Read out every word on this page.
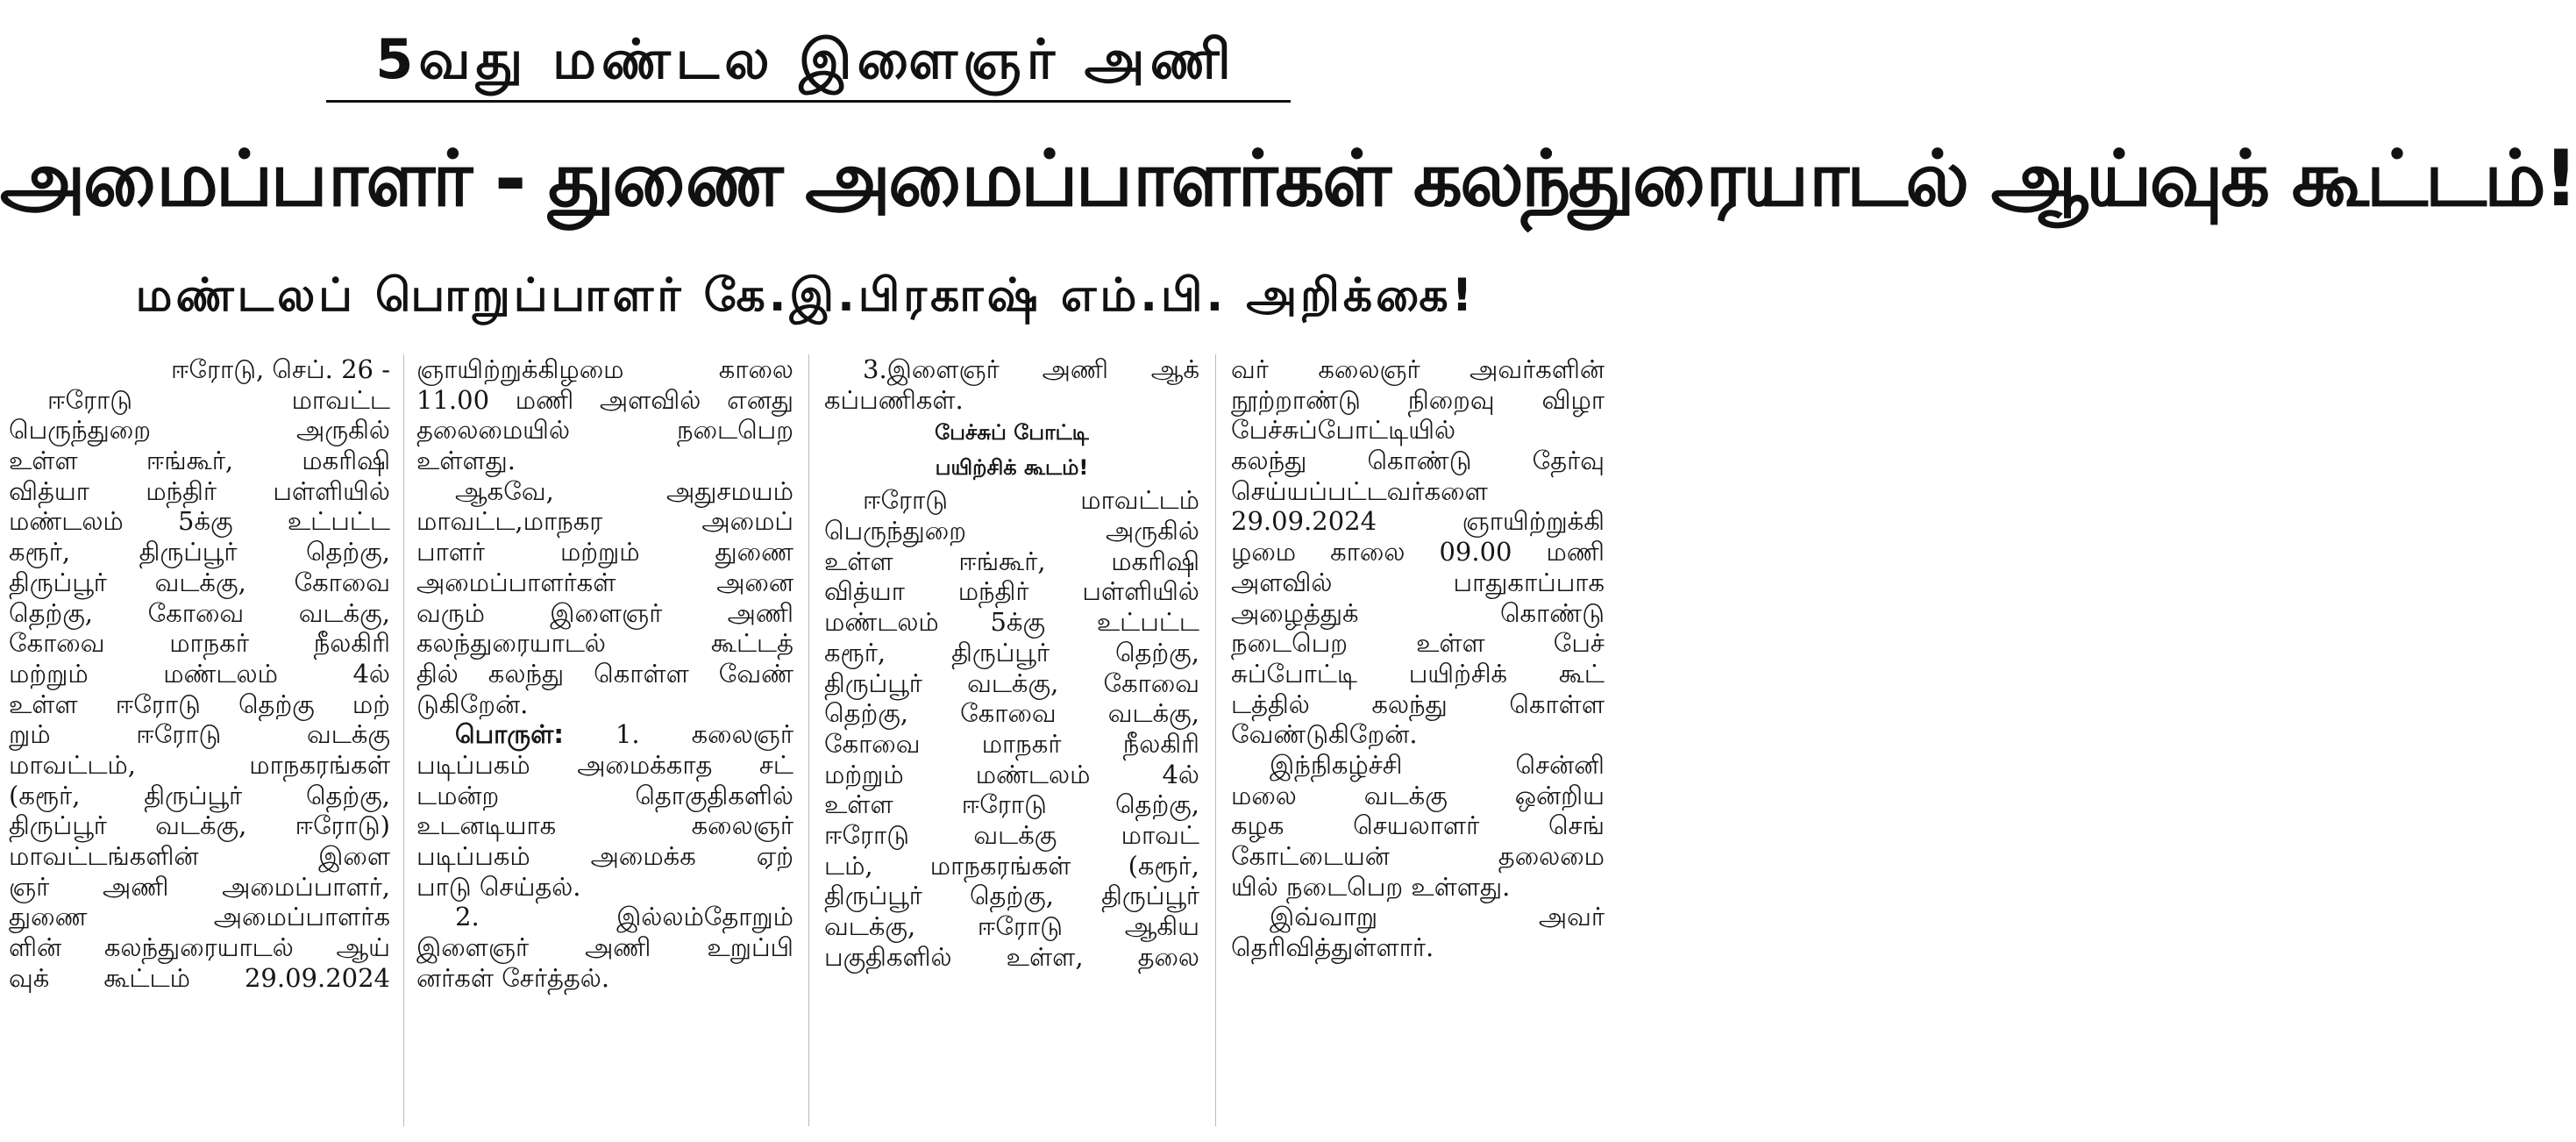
5வது மண்டல இளைஞர் அணி
அமைப்பாளர் - துணை அமைப்பாளர்கள் கலந்துரையாடல் ஆய்வுக் கூட்டம்!
மண்டலப் பொறுப்பாளர் கே.இ.பிரகாஷ் எம்.பி. அறிக்கை!
ஈரோடு, செப். 26 -
ஈரோடு மாவட்ட
பெருந்துறை அருகில்
உள்ள ஈங்கூர், மகரிஷி
வித்யா மந்திர் பள்ளியில்
மண்டலம் 5க்கு உட்பட்ட
கரூர், திருப்பூர் தெற்கு,
திருப்பூர் வடக்கு, கோவை
தெற்கு, கோவை வடக்கு,
கோவை மாநகர் நீலகிரி
மற்றும் மண்டலம் 4ல்
உள்ள ஈரோடு தெற்கு மற்
றும் ஈரோடு வடக்கு
மாவட்டம், மாநகரங்கள்
(கரூர், திருப்பூர் தெற்கு,
திருப்பூர் வடக்கு, ஈரோடு)
மாவட்டங்களின் இளை
ஞர் அணி அமைப்பாளர்,
துணை அமைப்பாளர்க
ளின் கலந்துரையாடல் ஆய்
வுக் கூட்டம் 29.09.2024
ஞாயிற்றுக்கிழமை காலை
11.00 மணி அளவில் எனது
தலைமையில் நடைபெற
உள்ளது.
ஆகவே, அதுசமயம்
மாவட்ட,மாநகர அமைப்
பாளர் மற்றும் துணை
அமைப்பாளர்கள் அனை
வரும் இளைஞர் அணி
கலந்துரையாடல் கூட்டத்
தில் கலந்து கொள்ள வேண்
டுகிறேன்.
பொருள்: 1. கலைஞர்
படிப்பகம் அமைக்காத சட்
டமன்ற தொகுதிகளில்
உடனடியாக கலைஞர்
படிப்பகம் அமைக்க ஏற்
பாடு செய்தல்.
2. இல்லம்தோறும்
இளைஞர் அணி உறுப்பி
னர்கள் சேர்த்தல்.
3.இளைஞர் அணி ஆக்
கப்பணிகள்.
பேச்சுப் போட்டி
பயிற்சிக் கூடம்!
ஈரோடு மாவட்டம்
பெருந்துறை அருகில்
உள்ள ஈங்கூர், மகரிஷி
வித்யா மந்திர் பள்ளியில்
மண்டலம் 5க்கு உட்பட்ட
கரூர், திருப்பூர் தெற்கு,
திருப்பூர் வடக்கு, கோவை
தெற்கு, கோவை வடக்கு,
கோவை மாநகர் நீலகிரி
மற்றும் மண்டலம் 4ல்
உள்ள ஈரோடு தெற்கு,
ஈரோடு வடக்கு மாவட்
டம், மாநகரங்கள் (கரூர்,
திருப்பூர் தெற்கு, திருப்பூர்
வடக்கு, ஈரோடு ஆகிய
பகுதிகளில் உள்ள, தலை
வர் கலைஞர் அவர்களின்
நூற்றாண்டு நிறைவு விழா
பேச்சுப்போட்டியில்
கலந்து கொண்டு தேர்வு
செய்யப்பட்டவர்களை
29.09.2024 ஞாயிற்றுக்கி
ழமை காலை 09.00 மணி
அளவில் பாதுகாப்பாக
அழைத்துக் கொண்டு
நடைபெற உள்ள பேச்
சுப்போட்டி பயிற்சிக் கூட்
டத்தில் கலந்து கொள்ள
வேண்டுகிறேன்.
இந்நிகழ்ச்சி சென்னி
மலை வடக்கு ஒன்றிய
கழக செயலாளர் செங்
கோட்டையன் தலைமை
யில் நடைபெற உள்ளது.
இவ்வாறு அவர்
தெரிவித்துள்ளார்.
